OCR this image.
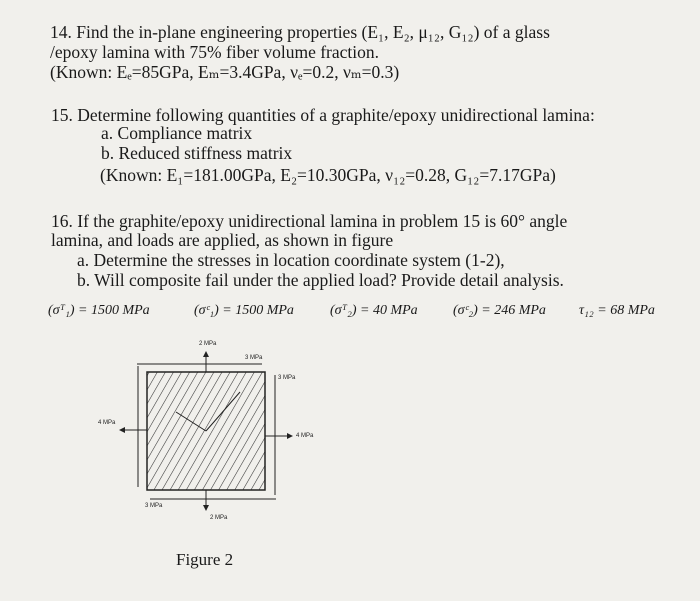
14. Find the in-plane engineering properties (E₁, E₂, μ₁₂, G₁₂) of a glass
/epoxy lamina with 75% fiber volume fraction.
(Known: Eₑ=85GPa, Eₘ=3.4GPa, νₑ=0.2, νₘ=0.3)
15. Determine following quantities of a graphite/epoxy unidirectional lamina:
a. Compliance matrix
b. Reduced stiffness matrix
(Known: E₁=181.00GPa, E₂=10.30GPa, ν₁₂=0.28, G₁₂=7.17GPa)
16. If the graphite/epoxy unidirectional lamina in problem 15 is 60° angle
lamina, and loads are applied, as shown in figure
a. Determine the stresses in location coordinate system (1-2),
b. Will composite fail under the applied load? Provide detail analysis.
(σᵀ₁) = 1500 MPa	(σᶜ₁) = 1500 MPa	(σᵀ₂) = 40 MPa	(σᶜ₂) = 246 MPa τ₁₂ = 68 MPa
2 MPa
3 MPa
3 MPa
4 MPa
4 MPa
3 MPa
2 MPa
Figure 2
